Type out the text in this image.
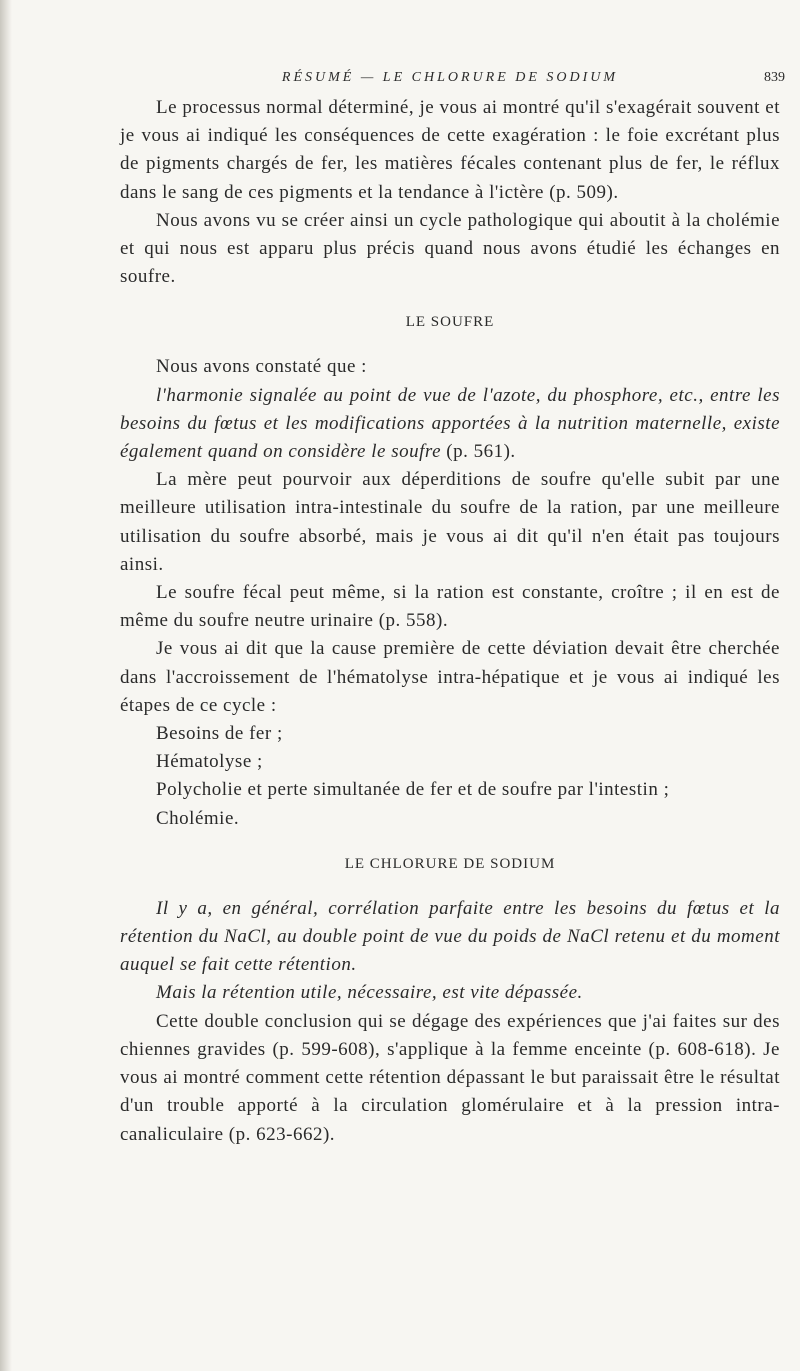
RÉSUMÉ — LE CHLORURE DE SODIUM	839

Le processus normal déterminé, je vous ai montré qu'il s'exagérait souvent et je vous ai indiqué les conséquences de cette exagération : le foie excrétant plus de pigments chargés de fer, les matières fécales contenant plus de fer, le réflux dans le sang de ces pigments et la tendance à l'ictère (p. 509).

Nous avons vu se créer ainsi un cycle pathologique qui aboutit à la cholémie et qui nous est apparu plus précis quand nous avons étudié les échanges en soufre.

LE SOUFRE

Nous avons constaté que :

l'harmonie signalée au point de vue de l'azote, du phosphore, etc., entre les besoins du fœtus et les modifications apportées à la nutrition maternelle, existe également quand on considère le soufre (p. 561).

La mère peut pourvoir aux déperditions de soufre qu'elle subit par une meilleure utilisation intra-intestinale du soufre de la ration, par une meilleure utilisation du soufre absorbé, mais je vous ai dit qu'il n'en était pas toujours ainsi.

Le soufre fécal peut même, si la ration est constante, croître ; il en est de même du soufre neutre urinaire (p. 558).

Je vous ai dit que la cause première de cette déviation devait être cherchée dans l'accroissement de l'hématolyse intra-hépatique et je vous ai indiqué les étapes de ce cycle :

Besoins de fer ;
Hématolyse ;
Polycholie et perte simultanée de fer et de soufre par l'intestin ;
Cholémie.
LE CHLORURE DE SODIUM

Il y a, en général, corrélation parfaite entre les besoins du fœtus et la rétention du NaCl, au double point de vue du poids de NaCl retenu et du moment auquel se fait cette rétention.

Mais la rétention utile, nécessaire, est vite dépassée.

Cette double conclusion qui se dégage des expériences que j'ai faites sur des chiennes gravides (p. 599-608), s'applique à la femme enceinte (p. 608-618). Je vous ai montré comment cette rétention dépassant le but paraissait être le résultat d'un trouble apporté à la circulation glomérulaire et à la pression intra-canaliculaire (p. 623-662).
